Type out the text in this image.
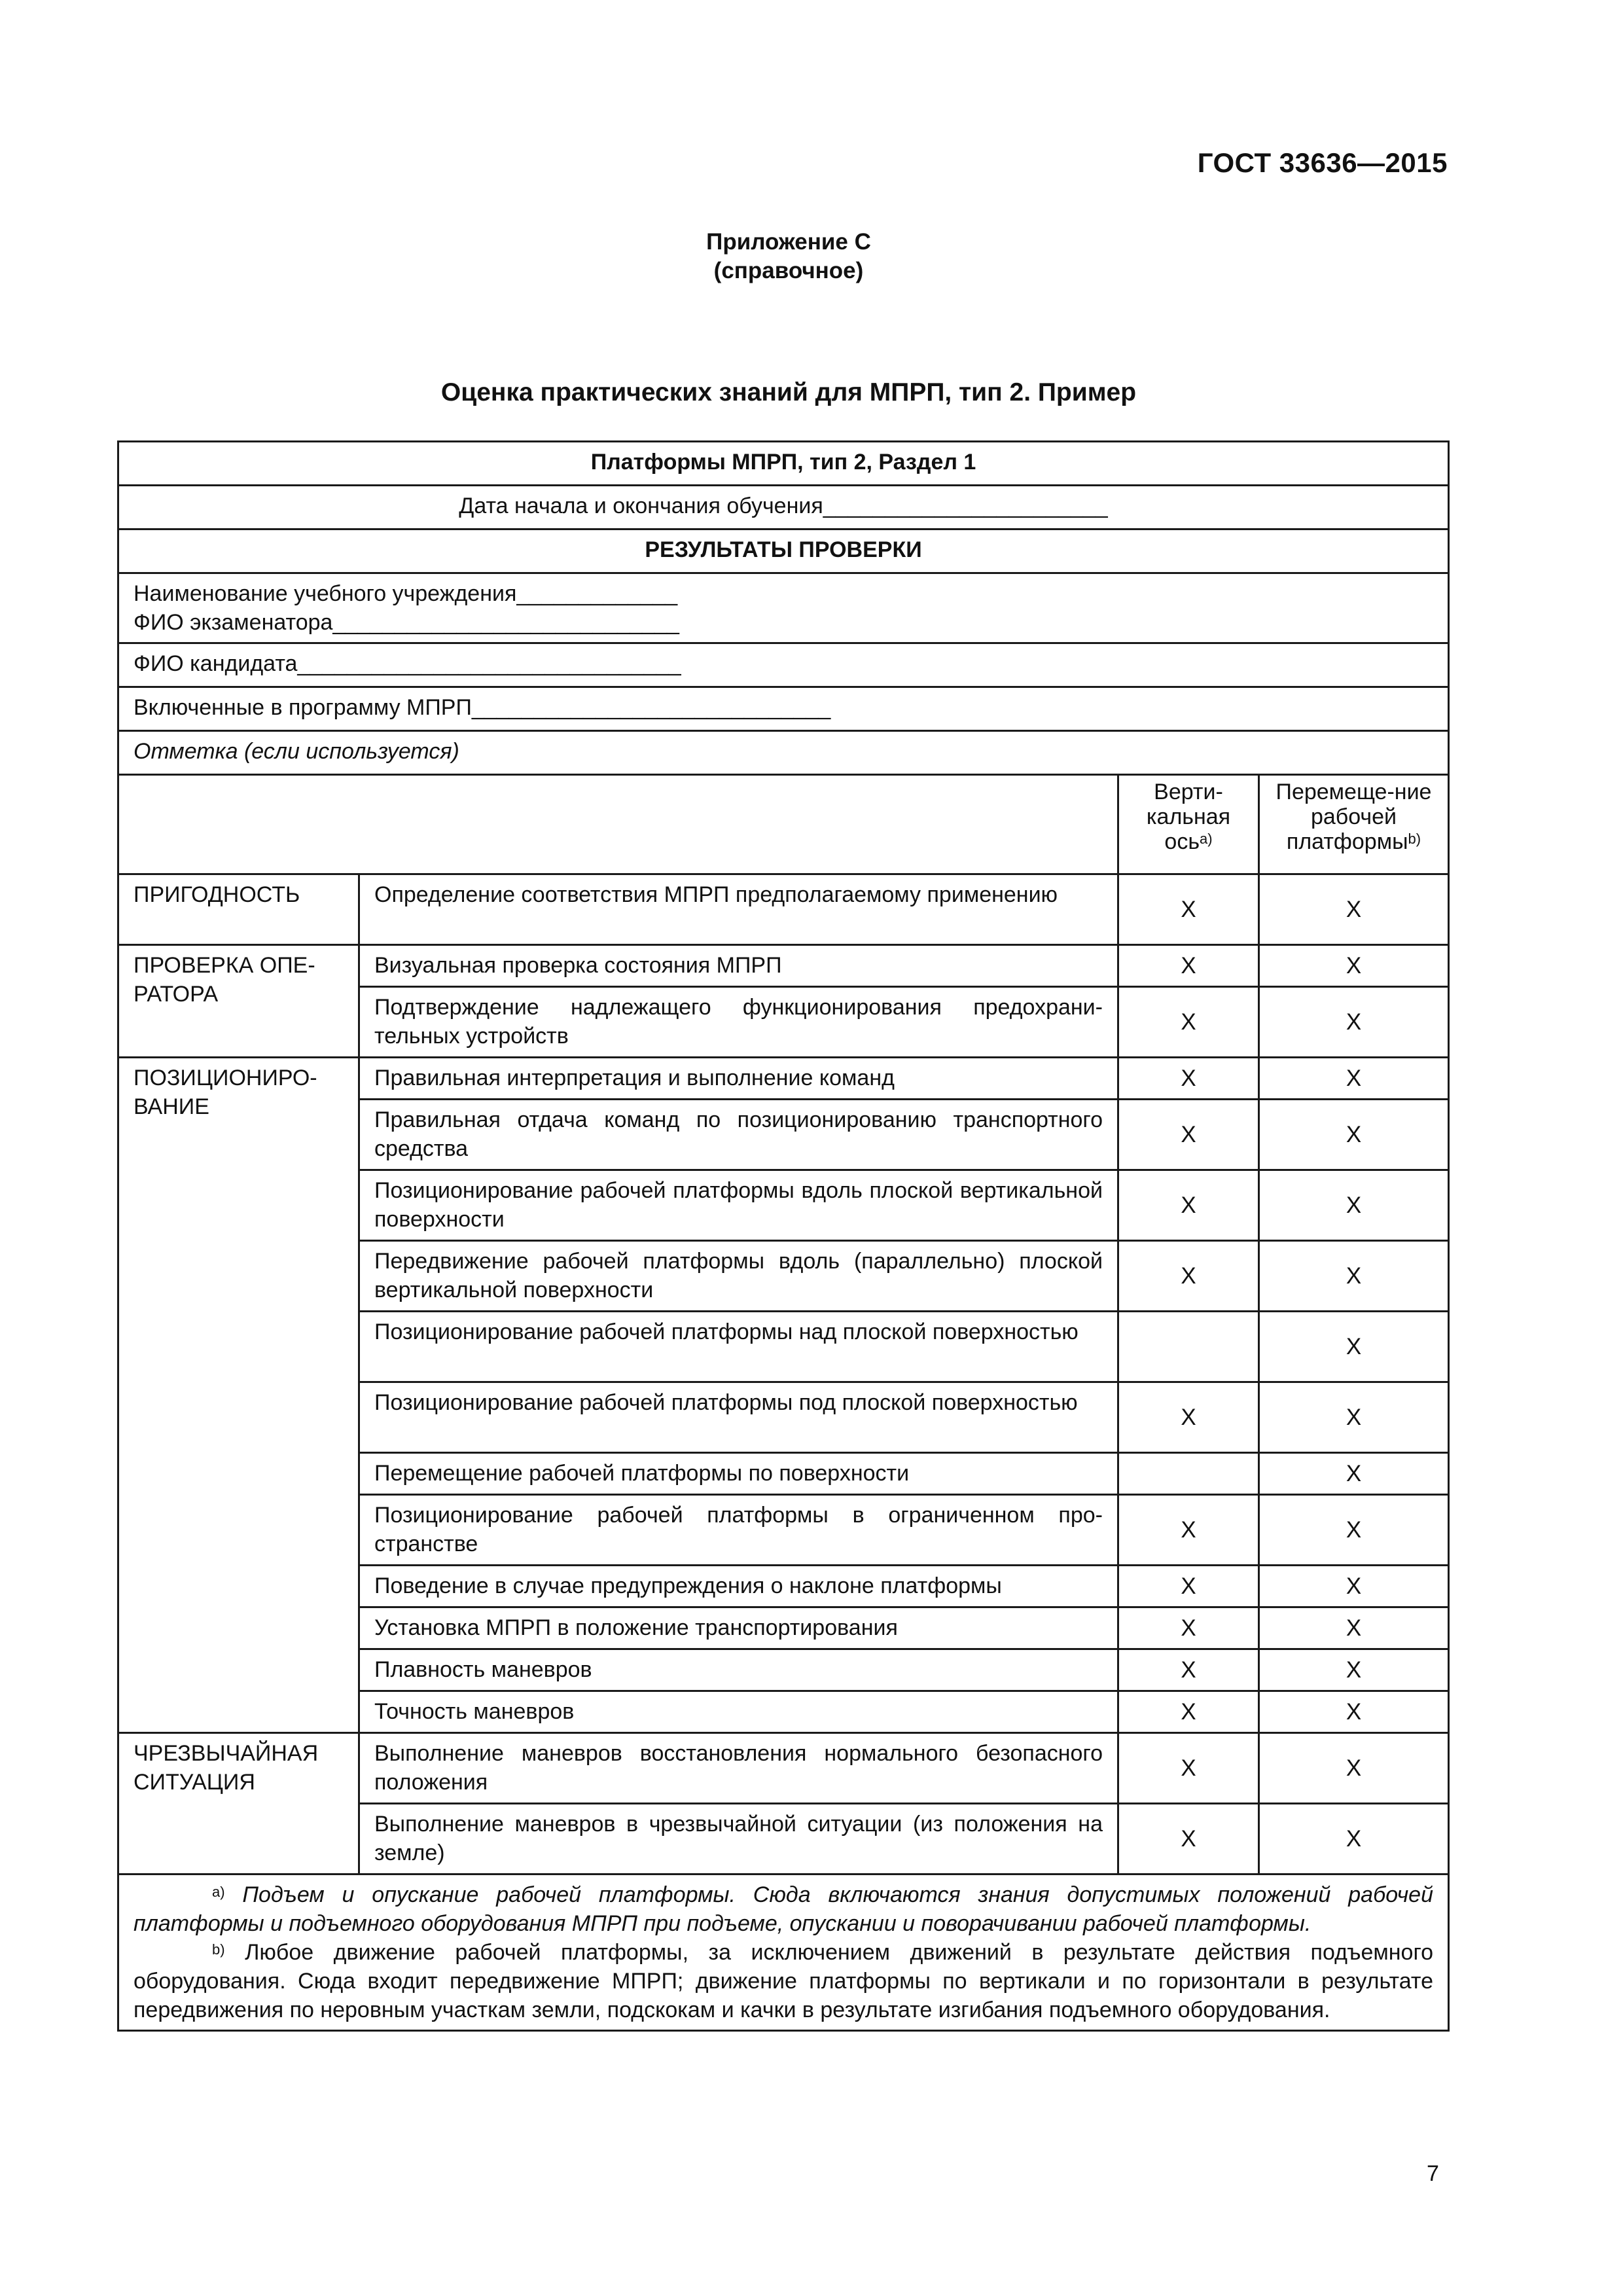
ГОСТ 33636—2015
Приложение С
(справочное)
Оценка практических знаний для МПРП, тип 2. Пример
Платформы МПРП, тип 2, Раздел 1			
Дата начала и окончания обучения_______________________			
РЕЗУЛЬТАТЫ ПРОВЕРКИ			

Наименование учебного учреждения_____________
ФИО экзаменатора____________________________			

ФИО кандидата_______________________________			
Включенные в программу МПРП_____________________________			
Отметка (если используется)			
		Верти-кальная ось$^{a)}$	Перемеще-ние рабочей платформы$^{b)}$
ПРИГОДНОСТЬ	Определение соответствия МПРП предполагаемому применению	X	X
ПРОВЕРКА ОПЕРАТОРА	Визуальная проверка состояния МПРП	X	X
	Подтверждение надлежащего функционирования предохранительных устройств	X	X
ПОЗИЦИОНИРОВАНИЕ	Правильная интерпретация и выполнение команд	X	X
	Правильная отдача команд по позиционированию транспортного средства	X	X
	Позиционирование рабочей платформы вдоль плоской вертикальной поверхности	X	X
	Передвижение рабочей платформы вдоль (параллельно) плоской вертикальной поверхности	X	X
	Позиционирование рабочей платформы над плоской поверхностью		X
	Позиционирование рабочей платформы под плоской поверхностью	X	X
	Перемещение рабочей платформы по поверхности		X
	Позиционирование рабочей платформы в ограниченном пространстве	X	X
	Поведение в случае предупреждения о наклоне платформы	X	X
	Установка МПРП в положение транспортирования	X	X
	Плавность маневров	X	X
	Точность маневров	X	X
ЧРЕЗВЫЧАЙНАЯ СИТУАЦИЯ	Выполнение маневров восстановления нормального безопасного положения	X	X
	Выполнение маневров в чрезвычайной ситуации (из положения на земле)	X	X

$^{a)}$ Подъем и опускание рабочей платформы. Сюда включаются знания допустимых положений рабочей платформы и подъемного оборудования МПРП при подъеме, опускании и поворачивании рабочей платформы.
$^{b)}$ Любое движение рабочей платформы, за исключением движений в результате действия подъемного оборудования. Сюда входит передвижение МПРП; движение платформы по вертикали и по горизонтали в результате передвижения по неровным участкам земли, подскокам и качки в результате изгибания подъемного оборудования.			
7
